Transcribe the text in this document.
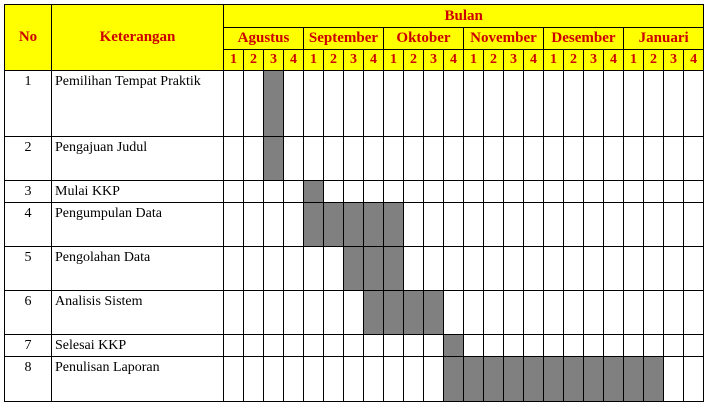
No	Keterangan	Bulan																							
		Agustus				September				Oktober				November				Desember				Januari			
		1	2	3	4	1	2	3	4	1	2	3	4	1	2	3	4	1	2	3	4	1	2	3	4
1	Pemilihan Tempat Praktik																								
2	Pengajuan Judul																								
3	Mulai KKP																								
4	Pengumpulan Data																								
5	Pengolahan Data																								
6	Analisis Sistem																								
7	Selesai KKP																								
8	Penulisan Laporan																								
